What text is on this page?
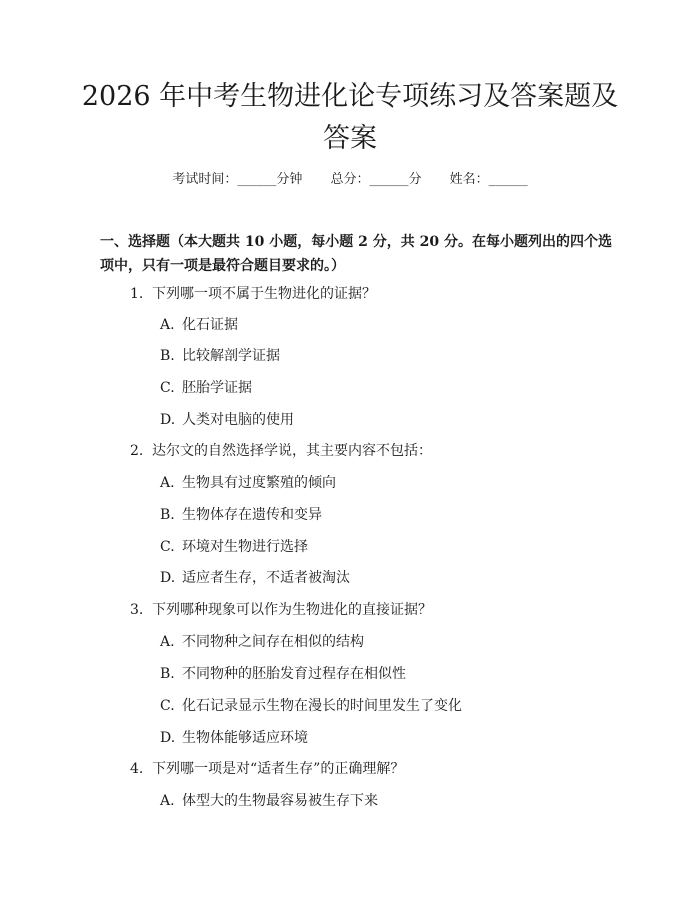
2026 年中考生物进化论专项练习及答案题及
答案
考试时间：______分钟 总分：______分 姓名：______

一、选择题（本大题共 10 小题，每小题 2 分，共 20 分。在每小题列出的四个选项中，只有一项是最符合题目要求的。）

1. 下列哪一项不属于生物进化的证据？
A. 化石证据
B. 比较解剖学证据
C. 胚胎学证据
D. 人类对电脑的使用
2. 达尔文的自然选择学说，其主要内容不包括：
A. 生物具有过度繁殖的倾向
B. 生物体存在遗传和变异
C. 环境对生物进行选择
D. 适应者生存，不适者被淘汰
3. 下列哪种现象可以作为生物进化的直接证据？
A. 不同物种之间存在相似的结构
B. 不同物种的胚胎发育过程存在相似性
C. 化石记录显示生物在漫长的时间里发生了变化
D. 生物体能够适应环境
4. 下列哪一项是对“适者生存”的正确理解？
A. 体型大的生物最容易被生存下来
